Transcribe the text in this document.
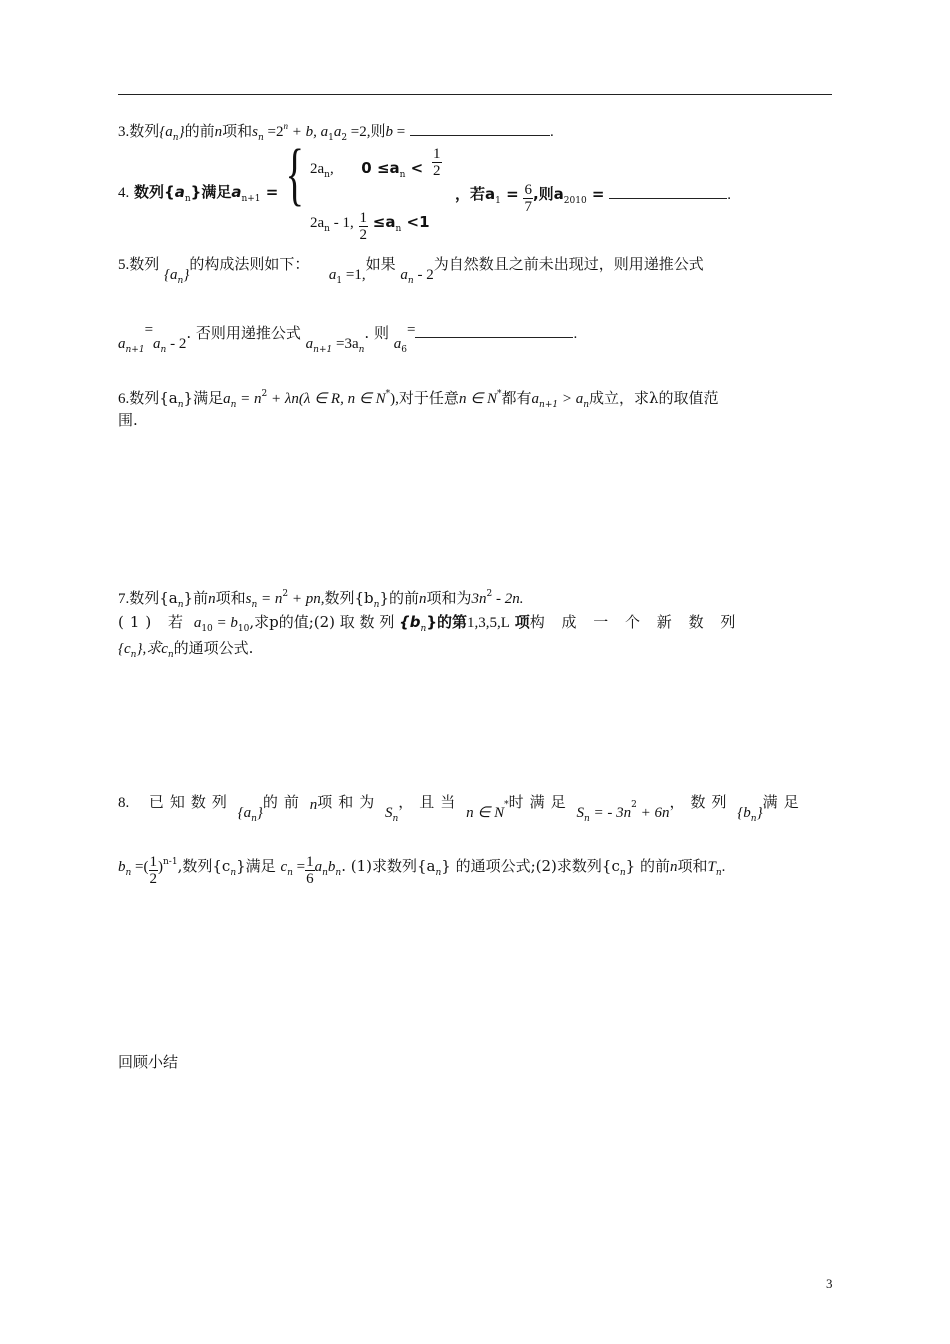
3.数列$\{a_n\}$的前n项和$s_n =2^n + b$, $a_1a_2 =2$,则b =	.
4. 数列$\{a_n\}$满足$a_{n+1}$ = { $2a_n$, $0 \le a_n < \frac{1}{2}$
，若$a_1 = \frac{6}{7}$ ,则$a_{2010}$ =	.
$2a_n - 1$, $\frac{1}{2} \le a_n <1$
5.数列 $\{a_n\}$的构成法则如下：  $a_1 =1$,如果 $a_n - 2$为自然数且之前未出现过，则用递推公式
$a_{n+1}=a_n - 2$. 否则用递推公式 $a_{n+1} =3a_n$. 则 $a_6=$	.
6.数列$\{a_n\}$满足$a_n = n^2 + \lambda n(\lambda$ ∈ R, n ∈ N*),对于任意n ∈ N*都有$a_{n+1} > a_n$成立，求λ的取值范
围.
7.数列$\{a_n\}$前n项和$s_n = n^2$ + pn,数列$\{b_n\}$的前n项和为$3n^2 - 2n$.
(1) 若 $a_{10} = b_{10}$,求p的值;(2) 取 数 列 $\{b_n\}$的第1,3,5,L 项构 成 一 个 新 数 列
$\{c_n\}$,求$c_n$的通项公式.
8. 已知数列 $\{a_n\}$的前 n项和为 $S_n$，且当 n ∈ N*时满足 $S_n$ = - 3n2 + 6n，数列 $\{b_n\}$满足
$b_n$ =( $\frac{1}{2} )^{n-1}$,数列$\{c_n\}$满足 $c_n = \frac{1}{6} a_nb_n$. (1)求数列$\{a_n\}$ 的通项公式;(2)求数列$\{c_n\}$ 的前n项和$T_n$.
回顾小结
3
